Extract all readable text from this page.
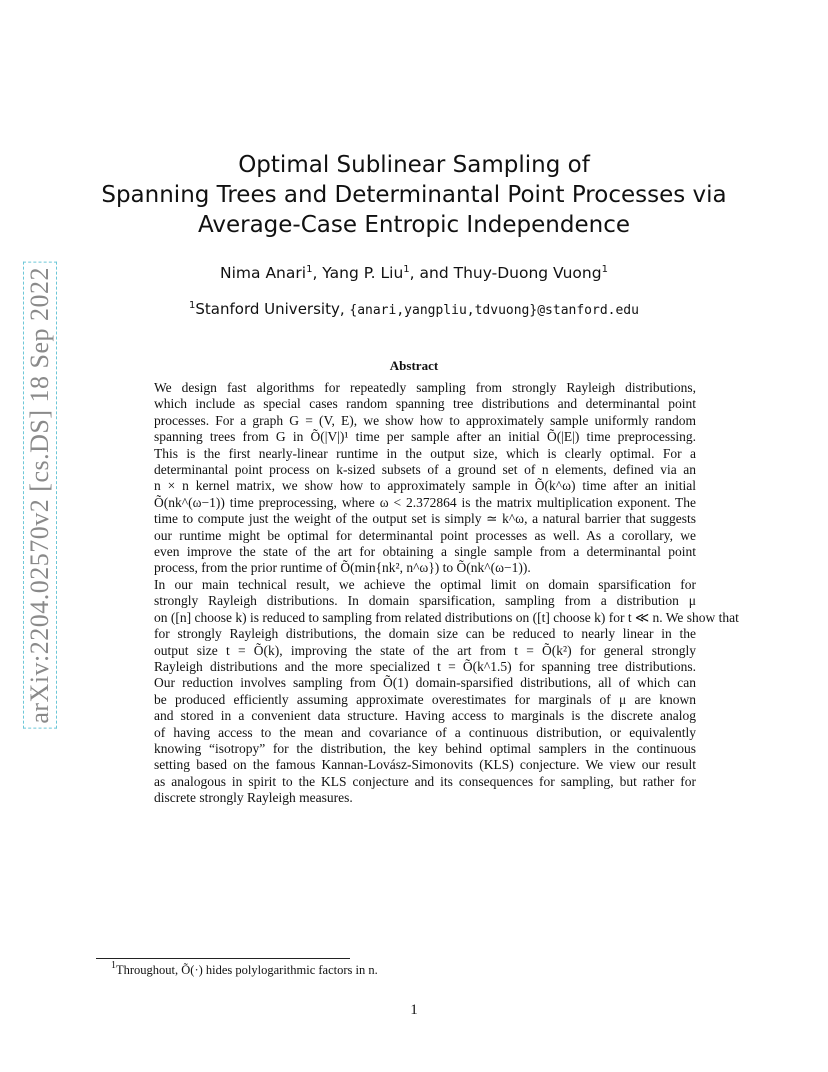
arXiv:2204.02570v2 [cs.DS] 18 Sep 2022
Optimal Sublinear Sampling of
Spanning Trees and Determinantal Point Processes via
Average-Case Entropic Independence
Nima Anari$^1$, Yang P. Liu$^1$, and Thuy-Duong Vuong$^1$
$^1$Stanford University, {anari,yangpliu,tdvuong}@stanford.edu
Abstract

We design fast algorithms for repeatedly sampling from strongly Rayleigh distributions,
which include as special cases random spanning tree distributions and determinantal point
processes. For a graph G = (V, E), we show how to approximately sample uniformly random
spanning trees from G in Õ(|V|)¹ time per sample after an initial Õ(|E|) time preprocessing.
This is the first nearly-linear runtime in the output size, which is clearly optimal. For a
determinantal point process on k-sized subsets of a ground set of n elements, defined via an
n × n kernel matrix, we show how to approximately sample in Õ(k^ω) time after an initial
Õ(nk^(ω−1)) time preprocessing, where ω < 2.372864 is the matrix multiplication exponent. The
time to compute just the weight of the output set is simply ≃ k^ω, a natural barrier that suggests
our runtime might be optimal for determinantal point processes as well. As a corollary, we
even improve the state of the art for obtaining a single sample from a determinantal point
process, from the prior runtime of Õ(min{nk², n^ω}) to Õ(nk^(ω−1)).

In our main technical result, we achieve the optimal limit on domain sparsification for
strongly Rayleigh distributions. In domain sparsification, sampling from a distribution μ
on ([n] choose k) is reduced to sampling from related distributions on ([t] choose k) for t ≪ n. We show that
for strongly Rayleigh distributions, the domain size can be reduced to nearly linear in the
output size t = Õ(k), improving the state of the art from t = Õ(k²) for general strongly
Rayleigh distributions and the more specialized t = Õ(k^1.5) for spanning tree distributions.
Our reduction involves sampling from Õ(1) domain-sparsified distributions, all of which can
be produced efficiently assuming approximate overestimates for marginals of μ are known
and stored in a convenient data structure. Having access to marginals is the discrete analog
of having access to the mean and covariance of a continuous distribution, or equivalently
knowing “isotropy” for the distribution, the key behind optimal samplers in the continuous
setting based on the famous Kannan-Lovász-Simonovits (KLS) conjecture. We view our result
as analogous in spirit to the KLS conjecture and its consequences for sampling, but rather for
discrete strongly Rayleigh measures.

$^1$Throughout, Õ(·) hides polylogarithmic factors in n.
1
